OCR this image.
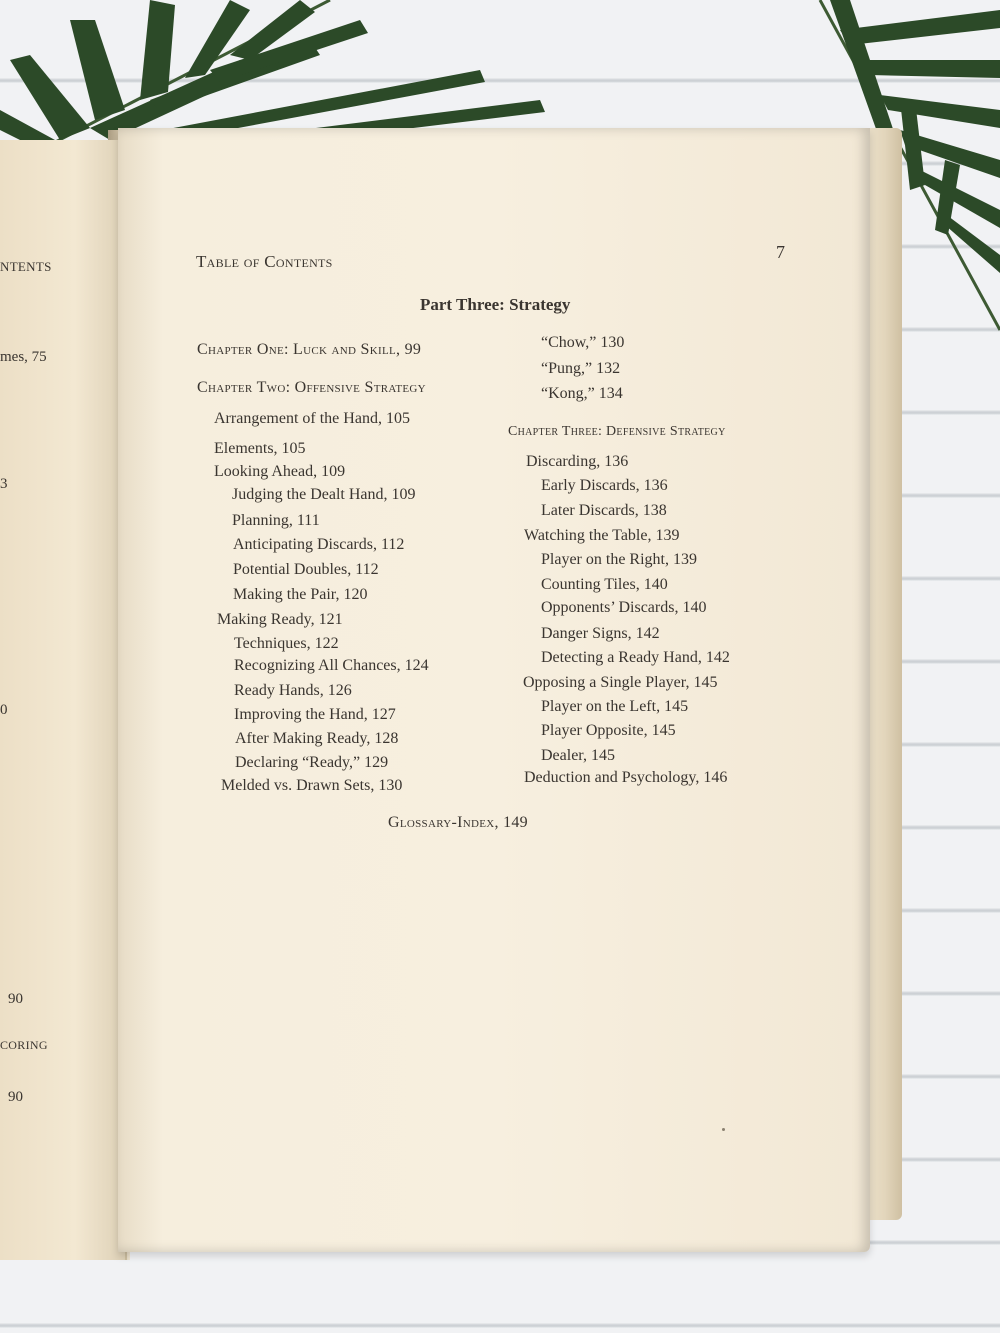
NTENTS
mes, 75
3
0
90
CORING
90
Table of Contents	7
Part Three: Strategy
Chapter One: Luck and Skill, 99
Chapter Two: Offensive Strategy
Arrangement of the Hand, 105
Elements, 105
Looking Ahead, 109
Judging the Dealt Hand, 109
Planning, 111
Anticipating Discards, 112
Potential Doubles, 112
Making the Pair, 120
Making Ready, 121
Techniques, 122
Recognizing All Chances, 124
Ready Hands, 126
Improving the Hand, 127
After Making Ready, 128
Declaring “Ready,” 129
Melded vs. Drawn Sets, 130
“Chow,” 130
“Pung,” 132
“Kong,” 134
Chapter Three: Defensive Strategy
Discarding, 136
Early Discards, 136
Later Discards, 138
Watching the Table, 139
Player on the Right, 139
Counting Tiles, 140
Opponents’ Discards, 140
Danger Signs, 142
Detecting a Ready Hand, 142
Opposing a Single Player, 145
Player on the Left, 145
Player Opposite, 145
Dealer, 145
Deduction and Psychology, 146
Glossary-Index, 149
